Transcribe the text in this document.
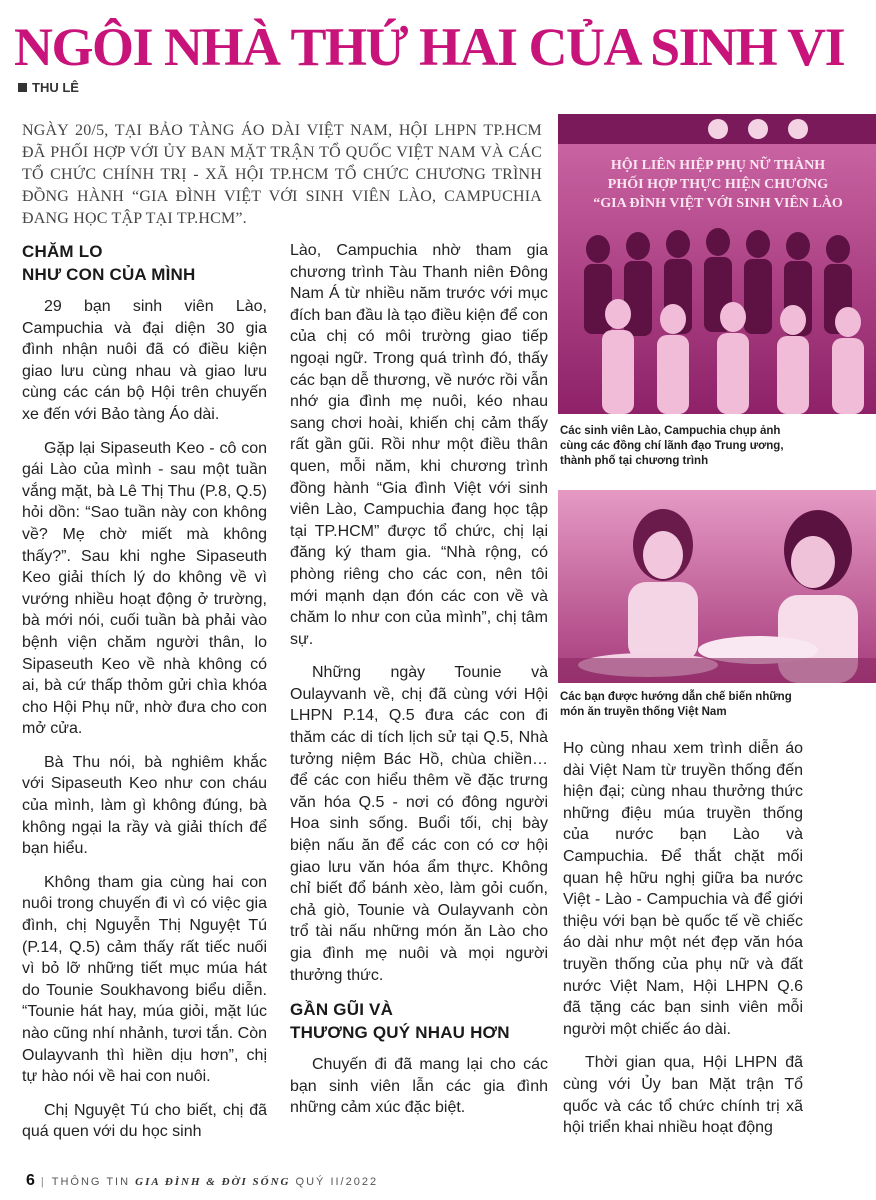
NGÔI NHÀ THỨ HAI CỦA SINH VI
THU LÊ
NGÀY 20/5, TẠI BẢO TÀNG ÁO DÀI VIỆT NAM, HỘI LHPN TP.HCM ĐÃ PHỐI HỢP VỚI ỦY BAN MẶT TRẬN TỔ QUỐC VIỆT NAM VÀ CÁC TỔ CHỨC CHÍNH TRỊ - XÃ HỘI TP.HCM TỔ CHỨC CHƯƠNG TRÌNH ĐỒNG HÀNH “GIA ĐÌNH VIỆT VỚI SINH VIÊN LÀO, CAMPUCHIA ĐANG HỌC TẬP TẠI TP.HCM”.
CHĂM LO
NHƯ CON CỦA MÌNH

29 bạn sinh viên Lào, Campuchia và đại diện 30 gia đình nhận nuôi đã có điều kiện giao lưu cùng nhau và giao lưu cùng các cán bộ Hội trên chuyến xe đến với Bảo tàng Áo dài.

Gặp lại Sipaseuth Keo - cô con gái Lào của mình - sau một tuần vắng mặt, bà Lê Thị Thu (P.8, Q.5) hỏi dồn: “Sao tuần này con không về? Mẹ chờ miết mà không thấy?”. Sau khi nghe Sipaseuth Keo giải thích lý do không về vì vướng nhiều hoạt động ở trường, bà mới nói, cuối tuần bà phải vào bệnh viện chăm người thân, lo Sipaseuth Keo về nhà không có ai, bà cứ thấp thỏm gửi chìa khóa cho Hội Phụ nữ, nhờ đưa cho con mở cửa.

Bà Thu nói, bà nghiêm khắc với Sipaseuth Keo như con cháu của mình, làm gì không đúng, bà không ngại la rầy và giải thích để bạn hiểu.

Không tham gia cùng hai con nuôi trong chuyến đi vì có việc gia đình, chị Nguyễn Thị Nguyệt Tú (P.14, Q.5) cảm thấy rất tiếc nuối vì bỏ lỡ những tiết mục múa hát do Tounie Soukhavong biểu diễn. “Tounie hát hay, múa giỏi, mặt lúc nào cũng nhí nhảnh, tươi tắn. Còn Oulayvanh thì hiền dịu hơn”, chị tự hào nói về hai con nuôi.

Chị Nguyệt Tú cho biết, chị đã quá quen với du học sinh

Lào, Campuchia nhờ tham gia chương trình Tàu Thanh niên Đông Nam Á từ nhiều năm trước với mục đích ban đầu là tạo điều kiện để con của chị có môi trường giao tiếp ngoại ngữ. Trong quá trình đó, thấy các bạn dễ thương, về nước rồi vẫn nhớ gia đình mẹ nuôi, kéo nhau sang chơi hoài, khiến chị cảm thấy rất gần gũi. Rồi như một điều thân quen, mỗi năm, khi chương trình đồng hành “Gia đình Việt với sinh viên Lào, Campuchia đang học tập tại TP.HCM” được tổ chức, chị lại đăng ký tham gia. “Nhà rộng, có phòng riêng cho các con, nên tôi mới mạnh dạn đón các con về và chăm lo như con của mình”, chị tâm sự.

Những ngày Tounie và Oulayvanh về, chị đã cùng với Hội LHPN P.14, Q.5 đưa các con đi thăm các di tích lịch sử tại Q.5, Nhà tưởng niệm Bác Hồ, chùa chiền… để các con hiểu thêm về đặc trưng văn hóa Q.5 - nơi có đông người Hoa sinh sống. Buổi tối, chị bày biện nấu ăn để các con có cơ hội giao lưu văn hóa ẩm thực. Không chỉ biết đổ bánh xèo, làm gỏi cuốn, chả giò, Tounie và Oulayvanh còn trổ tài nấu những món ăn Lào cho gia đình mẹ nuôi và mọi người thưởng thức.

GẦN GŨI VÀ
THƯƠNG QUÝ NHAU HƠN

Chuyến đi đã mang lại cho các bạn sinh viên lẫn các gia đình những cảm xúc đặc biệt.

HỘI LIÊN HIỆP PHỤ NỮ THÀNH
PHỐI HỢP THỰC HIỆN CHƯƠNG
“GIA ĐÌNH VIỆT VỚI SINH VIÊN LÀO
Các sinh viên Lào, Campuchia chụp ảnh cùng các đồng chí lãnh đạo Trung ương, thành phố tại chương trình
Các bạn được hướng dẫn chế biến những món ăn truyền thống Việt Nam

Họ cùng nhau xem trình diễn áo dài Việt Nam từ truyền thống đến hiện đại; cùng nhau thưởng thức những điệu múa truyền thống của nước bạn Lào và Campuchia. Để thắt chặt mối quan hệ hữu nghị giữa ba nước Việt - Lào - Campuchia và để giới thiệu với bạn bè quốc tế về chiếc áo dài như một nét đẹp văn hóa truyền thống của phụ nữ và đất nước Việt Nam, Hội LHPN Q.6 đã tặng các bạn sinh viên mỗi người một chiếc áo dài.

Thời gian qua, Hội LHPN đã cùng với Ủy ban Mặt trận Tổ quốc và các tổ chức chính trị xã hội triển khai nhiều hoạt động

6 | THÔNG TIN GIA ĐÌNH & ĐỜI SỐNG QUÝ II/2022
